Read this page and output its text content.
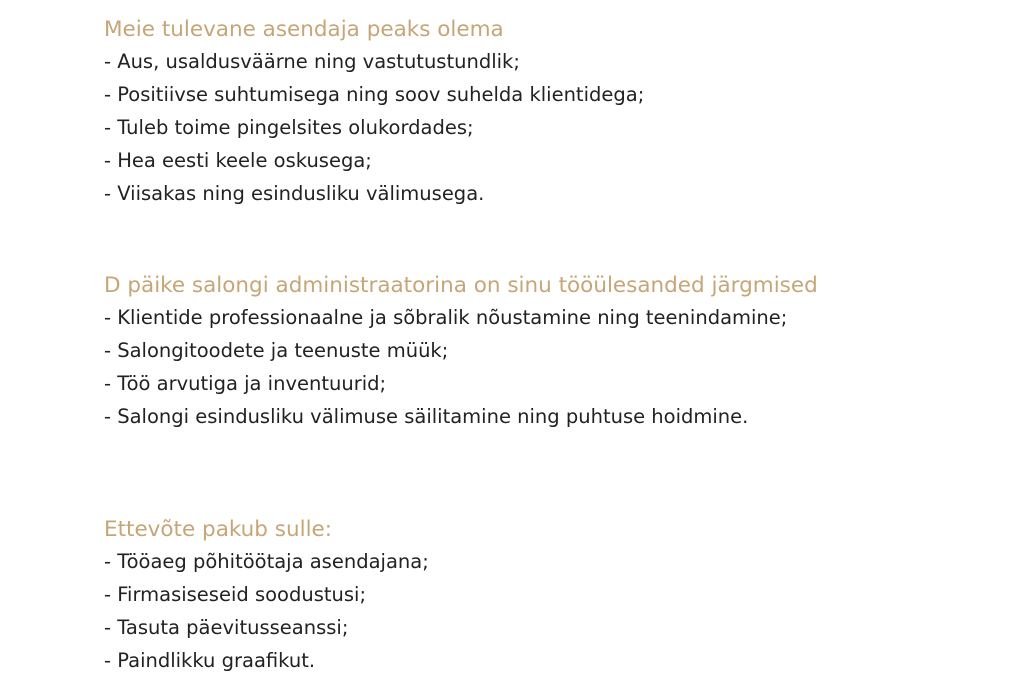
Meie tulevane asendaja peaks olema
- Aus, usaldusväärne ning vastutustundlik;
- Positiivse suhtumisega ning soov suhelda klientidega;
- Tuleb toime pingelsites olukordades;
- Hea eesti keele oskusega;
- Viisakas ning esindusliku välimusega.
D päike salongi administraatorina on sinu tööülesanded järgmised
- Klientide professionaalne ja sõbralik nõustamine ning teenindamine;
- Salongitoodete ja teenuste müük;
- Töö arvutiga ja inventuurid;
- Salongi esindusliku välimuse säilitamine ning puhtuse hoidmine.
Ettevõte pakub sulle:
- Tööaeg põhitöötaja asendajana;
- Firmasiseseid soodustusi;
- Tasuta päevitusseanssi;
- Paindlikku graafikut.
